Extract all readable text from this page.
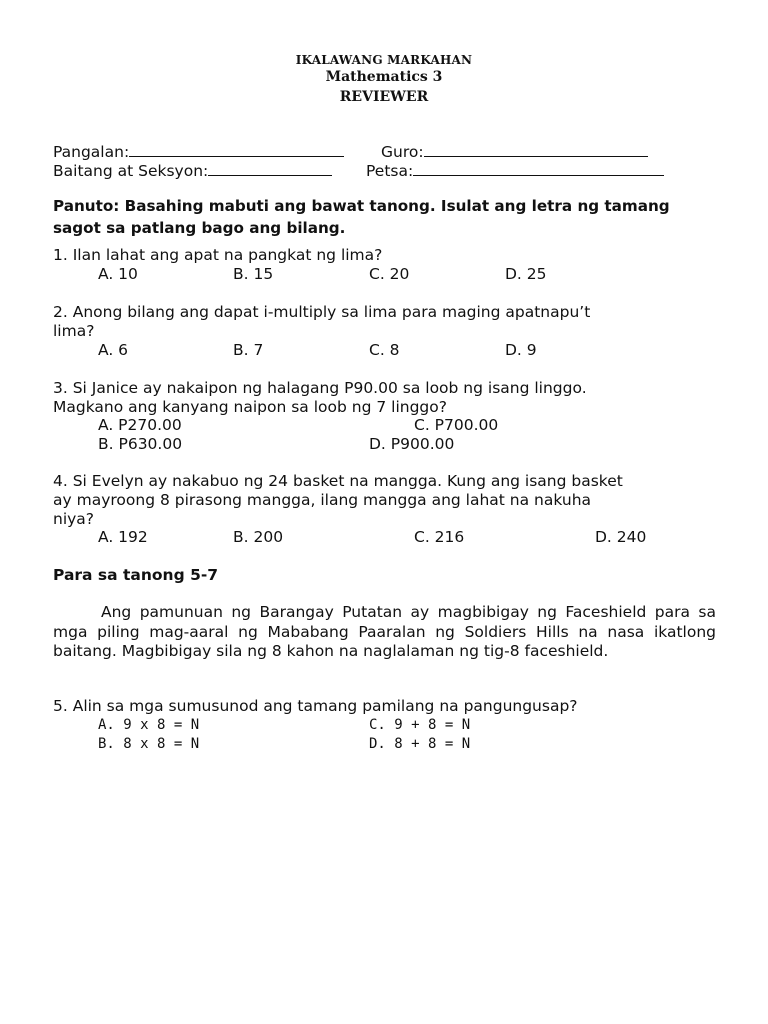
IKALAWANG MARKAHAN
Mathematics 3
REVIEWER
Pangalan:	Guro:
Baitang at Seksyon:	Petsa:
Panuto: Basahing mabuti ang bawat tanong. Isulat ang letra ng tamang
sagot sa patlang bago ang bilang.
1. Ilan lahat ang apat na pangkat ng lima?
A. 10	B. 15	C. 20	D. 25
2. Anong bilang ang dapat i-multiply sa lima para maging apatnapu’t
lima?
A. 6	B. 7	C. 8	D. 9
3. Si Janice ay nakaipon ng halagang P90.00 sa loob ng isang linggo.
Magkano ang kanyang naipon sa loob ng 7 linggo?
A. P270.00	C. P700.00
B. P630.00	D. P900.00
4. Si Evelyn ay nakabuo ng 24 basket na mangga. Kung ang isang basket
ay mayroong 8 pirasong mangga, ilang mangga ang lahat na nakuha
niya?
A. 192	B. 200	C. 216	D. 240
Para sa tanong 5-7
Ang pamunuan ng Barangay Putatan ay magbibigay ng Faceshield para sa mga piling mag-aaral ng Mababang Paaralan ng Soldiers Hills na nasa ikatlong baitang. Magbibigay sila ng 8 kahon na naglalaman ng tig-8 faceshield.
5. Alin sa mga sumusunod ang tamang pamilang na pangungusap?
A. 9 x 8 = N	C. 9 + 8 = N
B. 8 x 8 = N	D. 8 + 8 = N
